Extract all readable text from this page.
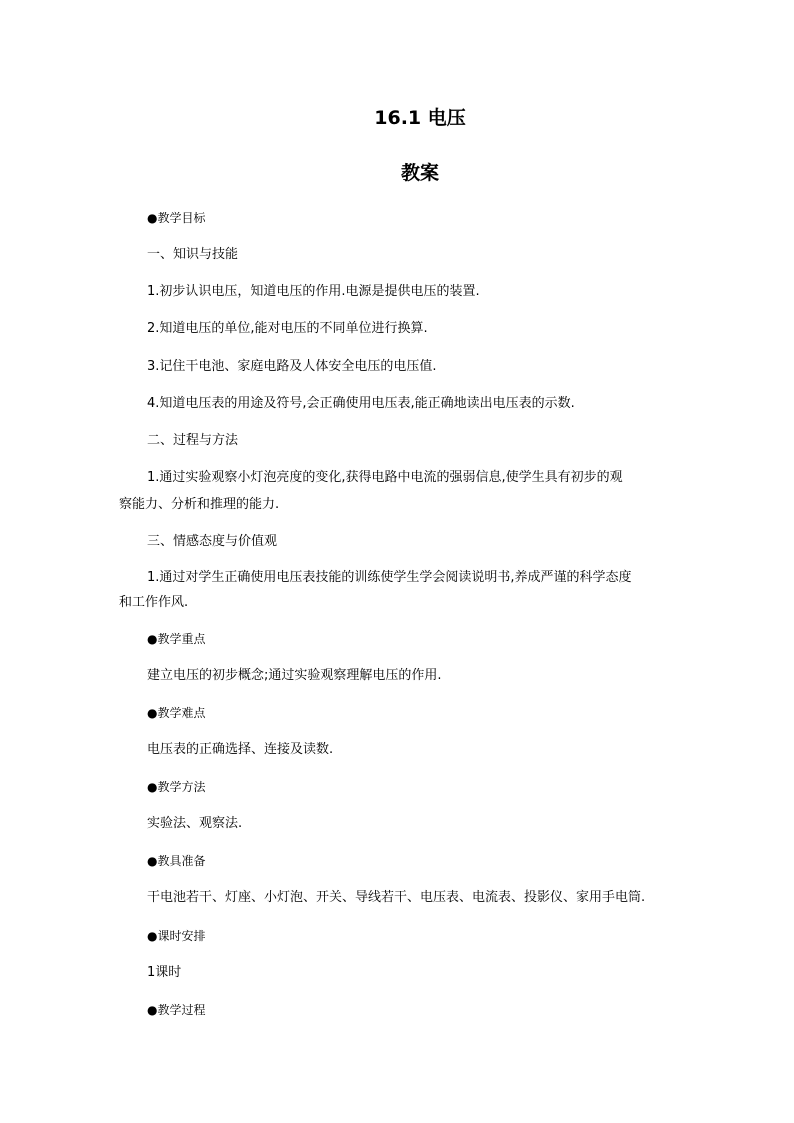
16.1 电压
教案
●教学目标
一、知识与技能
1.初步认识电压，知道电压的作用.电源是提供电压的装置.
2.知道电压的单位,能对电压的不同单位进行换算.
3.记住干电池、家庭电路及人体安全电压的电压值.
4.知道电压表的用途及符号,会正确使用电压表,能正确地读出电压表的示数.
二、过程与方法
1.通过实验观察小灯泡亮度的变化,获得电路中电流的强弱信息,使学生具有初步的观
察能力、分析和推理的能力.
三、情感态度与价值观
1.通过对学生正确使用电压表技能的训练使学生学会阅读说明书,养成严谨的科学态度
和工作作风.
●教学重点
建立电压的初步概念;通过实验观察理解电压的作用.
●教学难点
电压表的正确选择、连接及读数.
●教学方法
实验法、观察法.
●教具准备
干电池若干、灯座、小灯泡、开关、导线若干、电压表、电流表、投影仪、家用手电筒.
●课时安排
1课时
●教学过程
